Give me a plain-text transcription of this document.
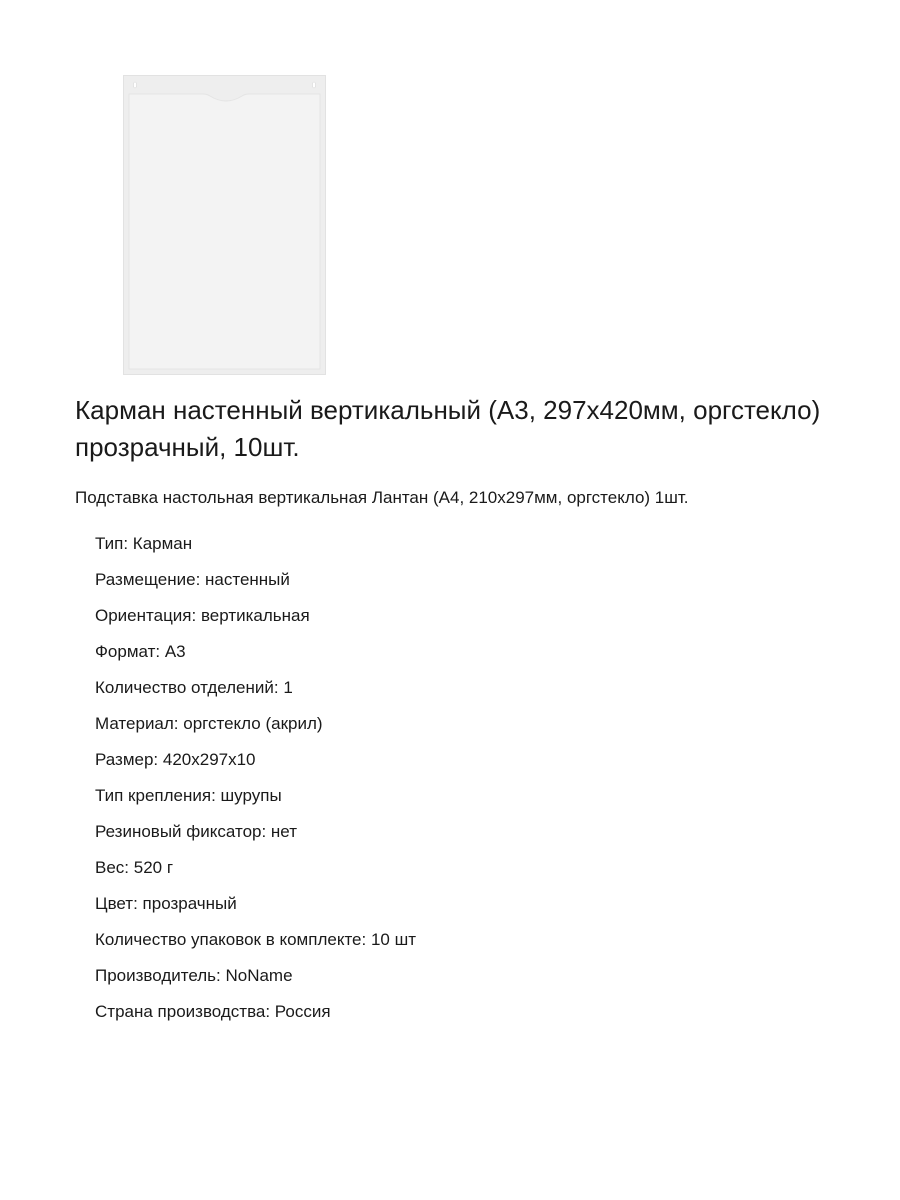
Карман настенный вертикальный (А3, 297х420мм, оргстекло) прозрачный, 10шт.

Подставка настольная вертикальная Лантан (А4, 210х297мм, оргстекло) 1шт.

Тип: Карман
Размещение: настенный
Ориентация: вертикальная
Формат: А3
Количество отделений: 1
Материал: оргстекло (акрил)
Размер: 420х297х10
Тип крепления: шурупы
Резиновый фиксатор: нет
Вес: 520 г
Цвет: прозрачный
Количество упаковок в комплекте: 10 шт
Производитель: NoName
Страна производства: Россия
